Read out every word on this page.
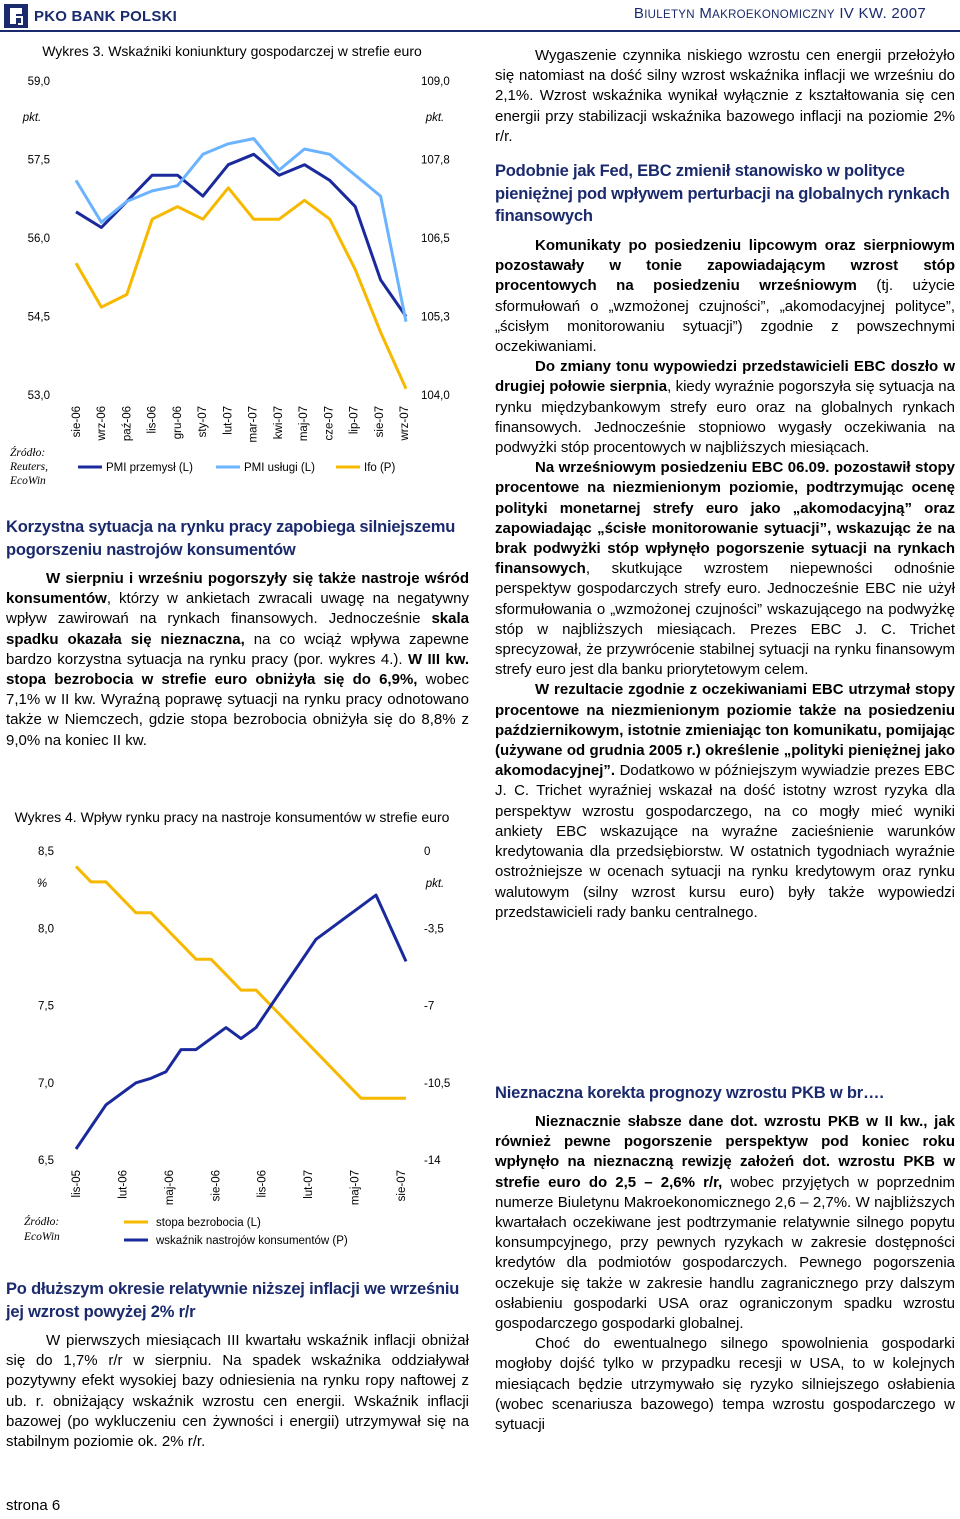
PKO BANK POLSKI	BIULETYN MAKROEKONOMICZNY IV KW. 2007
Wykres 3. Wskaźniki koniunktury gospodarczej w strefie euro
59,0
57,5
56,0
54,5
53,0
109,0
107,8
106,5
105,3
104,0
pkt.	pkt.
sie-06 wrz-06 paź-06 lis-06 gru-06 sty-07 lut-07 mar-07 kwi-07 maj-07 cze-07 lip-07 sie-07 wrz-07
Źródło:
Reuters,
EcoWin
PMI przemysł (L)	PMI usługi (L)	Ifo (P)

Korzystna sytuacja na rynku pracy zapobiega silniejszemu pogorszeniu nastrojów konsumentów

W sierpniu i wrześniu pogorszyły się także nastroje wśród konsumentów, którzy w ankietach zwracali uwagę na negatywny wpływ zawirowań na rynkach finansowych. Jednocześnie skala spadku okazała się nieznaczna, na co wciąż wpływa zapewne bardzo korzystna sytuacja na rynku pracy (por. wykres 4.). W III kw. stopa bezrobocia w strefie euro obniżyła się do 6,9%, wobec 7,1% w II kw. Wyraźną poprawę sytuacji na rynku pracy odnotowano także w Niemczech, gdzie stopa bezrobocia obniżyła się do 8,8% z 9,0% na koniec II kw.

Wykres 4. Wpływ rynku pracy na nastroje konsumentów w strefie euro
8,5
8,0
7,5
7,0
6,5
0
-3,5
-7
-10,5
-14
%	pkt.
lis-05	lut-06	maj-06	sie-06	lis-06	lut-07	maj-07	sie-07
Źródło:
EcoWin
stopa bezrobocia (L)
wskaźnik nastrojów konsumentów (P)

Po dłuższym okresie relatywnie niższej inflacji we wrześniu jej wzrost powyżej 2% r/r

W pierwszych miesiącach III kwartału wskaźnik inflacji obniżał się do 1,7% r/r w sierpniu. Na spadek wskaźnika oddziaływał pozytywny efekt wysokiej bazy odniesienia na rynku ropy naftowej z ub. r. obniżający wskaźnik wzrostu cen energii. Wskaźnik inflacji bazowej (po wykluczeniu cen żywności i energii) utrzymywał się na stabilnym poziomie ok. 2% r/r.

strona 6

Wygaszenie czynnika niskiego wzrostu cen energii przełożyło się natomiast na dość silny wzrost wskaźnika inflacji we wrześniu do 2,1%. Wzrost wskaźnika wynikał wyłącznie z kształtowania się cen energii przy stabilizacji wskaźnika bazowego inflacji na poziomie 2% r/r.

Podobnie jak Fed, EBC zmienił stanowisko w polityce pieniężnej pod wpływem perturbacji na globalnych rynkach finansowych

Komunikaty po posiedzeniu lipcowym oraz sierpniowym pozostawały w tonie zapowiadającym wzrost stóp procentowych na posiedzeniu wrześniowym (tj. użycie sformułowań o „wzmożonej czujności”, „akomodacyjnej polityce”, „ścisłym monitorowaniu sytuacji”) zgodnie z powszechnymi oczekiwaniami.

Do zmiany tonu wypowiedzi przedstawicieli EBC doszło w drugiej połowie sierpnia, kiedy wyraźnie pogorszyła się sytuacja na rynku międzybankowym strefy euro oraz na globalnych rynkach finansowych. Jednocześnie stopniowo wygasły oczekiwania na podwyżki stóp procentowych w najbliższych miesiącach.

Na wrześniowym posiedzeniu EBC 06.09. pozostawił stopy procentowe na niezmienionym poziomie, podtrzymując ocenę polityki monetarnej strefy euro jako „akomodacyjną” oraz zapowiadając „ścisłe monitorowanie sytuacji”, wskazując że na brak podwyżki stóp wpłynęło pogorszenie sytuacji na rynkach finansowych, skutkujące wzrostem niepewności odnośnie perspektyw gospodarczych strefy euro. Jednocześnie EBC nie użył sformułowania o „wzmożonej czujności” wskazującego na podwyżkę stóp w najbliższych miesiącach. Prezes EBC J. C. Trichet sprecyzował, że przywrócenie stabilnej sytuacji na rynku finansowym strefy euro jest dla banku priorytetowym celem.

W rezultacie zgodnie z oczekiwaniami EBC utrzymał stopy procentowe na niezmienionym poziomie także na posiedzeniu październikowym, istotnie zmieniając ton komunikatu, pomijając (używane od grudnia 2005 r.) określenie „polityki pieniężnej jako akomodacyjnej”. Dodatkowo w późniejszym wywiadzie prezes EBC J. C. Trichet wyraźniej wskazał na dość istotny wzrost ryzyka dla perspektyw wzrostu gospodarczego, na co mogły mieć wyniki ankiety EBC wskazujące na wyraźne zacieśnienie warunków kredytowania dla przedsiębiorstw. W ostatnich tygodniach wyraźnie ostrożniejsze w ocenach sytuacji na rynku kredytowym oraz rynku walutowym (silny wzrost kursu euro) były także wypowiedzi przedstawicieli rady banku centralnego.

Nieznaczna korekta prognozy wzrostu PKB w br….

Nieznacznie słabsze dane dot. wzrostu PKB w II kw., jak również pewne pogorszenie perspektyw pod koniec roku wpłynęło na nieznaczną rewizję założeń dot. wzrostu PKB w strefie euro do 2,5 – 2,6% r/r, wobec przyjętych w poprzednim numerze Biuletynu Makroekonomicznego 2,6 – 2,7%. W najbliższych kwartałach oczekiwane jest podtrzymanie relatywnie silnego popytu konsumpcyjnego, przy pewnych ryzykach w zakresie dostępności kredytów dla podmiotów gospodarczych. Pewnego pogorszenia oczekuje się także w zakresie handlu zagranicznego przy dalszym osłabieniu gospodarki USA oraz ograniczonym spadku wzrostu gospodarczego gospodarki globalnej.

Choć do ewentualnego silnego spowolnienia gospodarki mogłoby dojść tylko w przypadku recesji w USA, to w kolejnych miesiącach będzie utrzymywało się ryzyko silniejszego osłabienia (wobec scenariusza bazowego) tempa wzrostu gospodarczego w sytuacji
